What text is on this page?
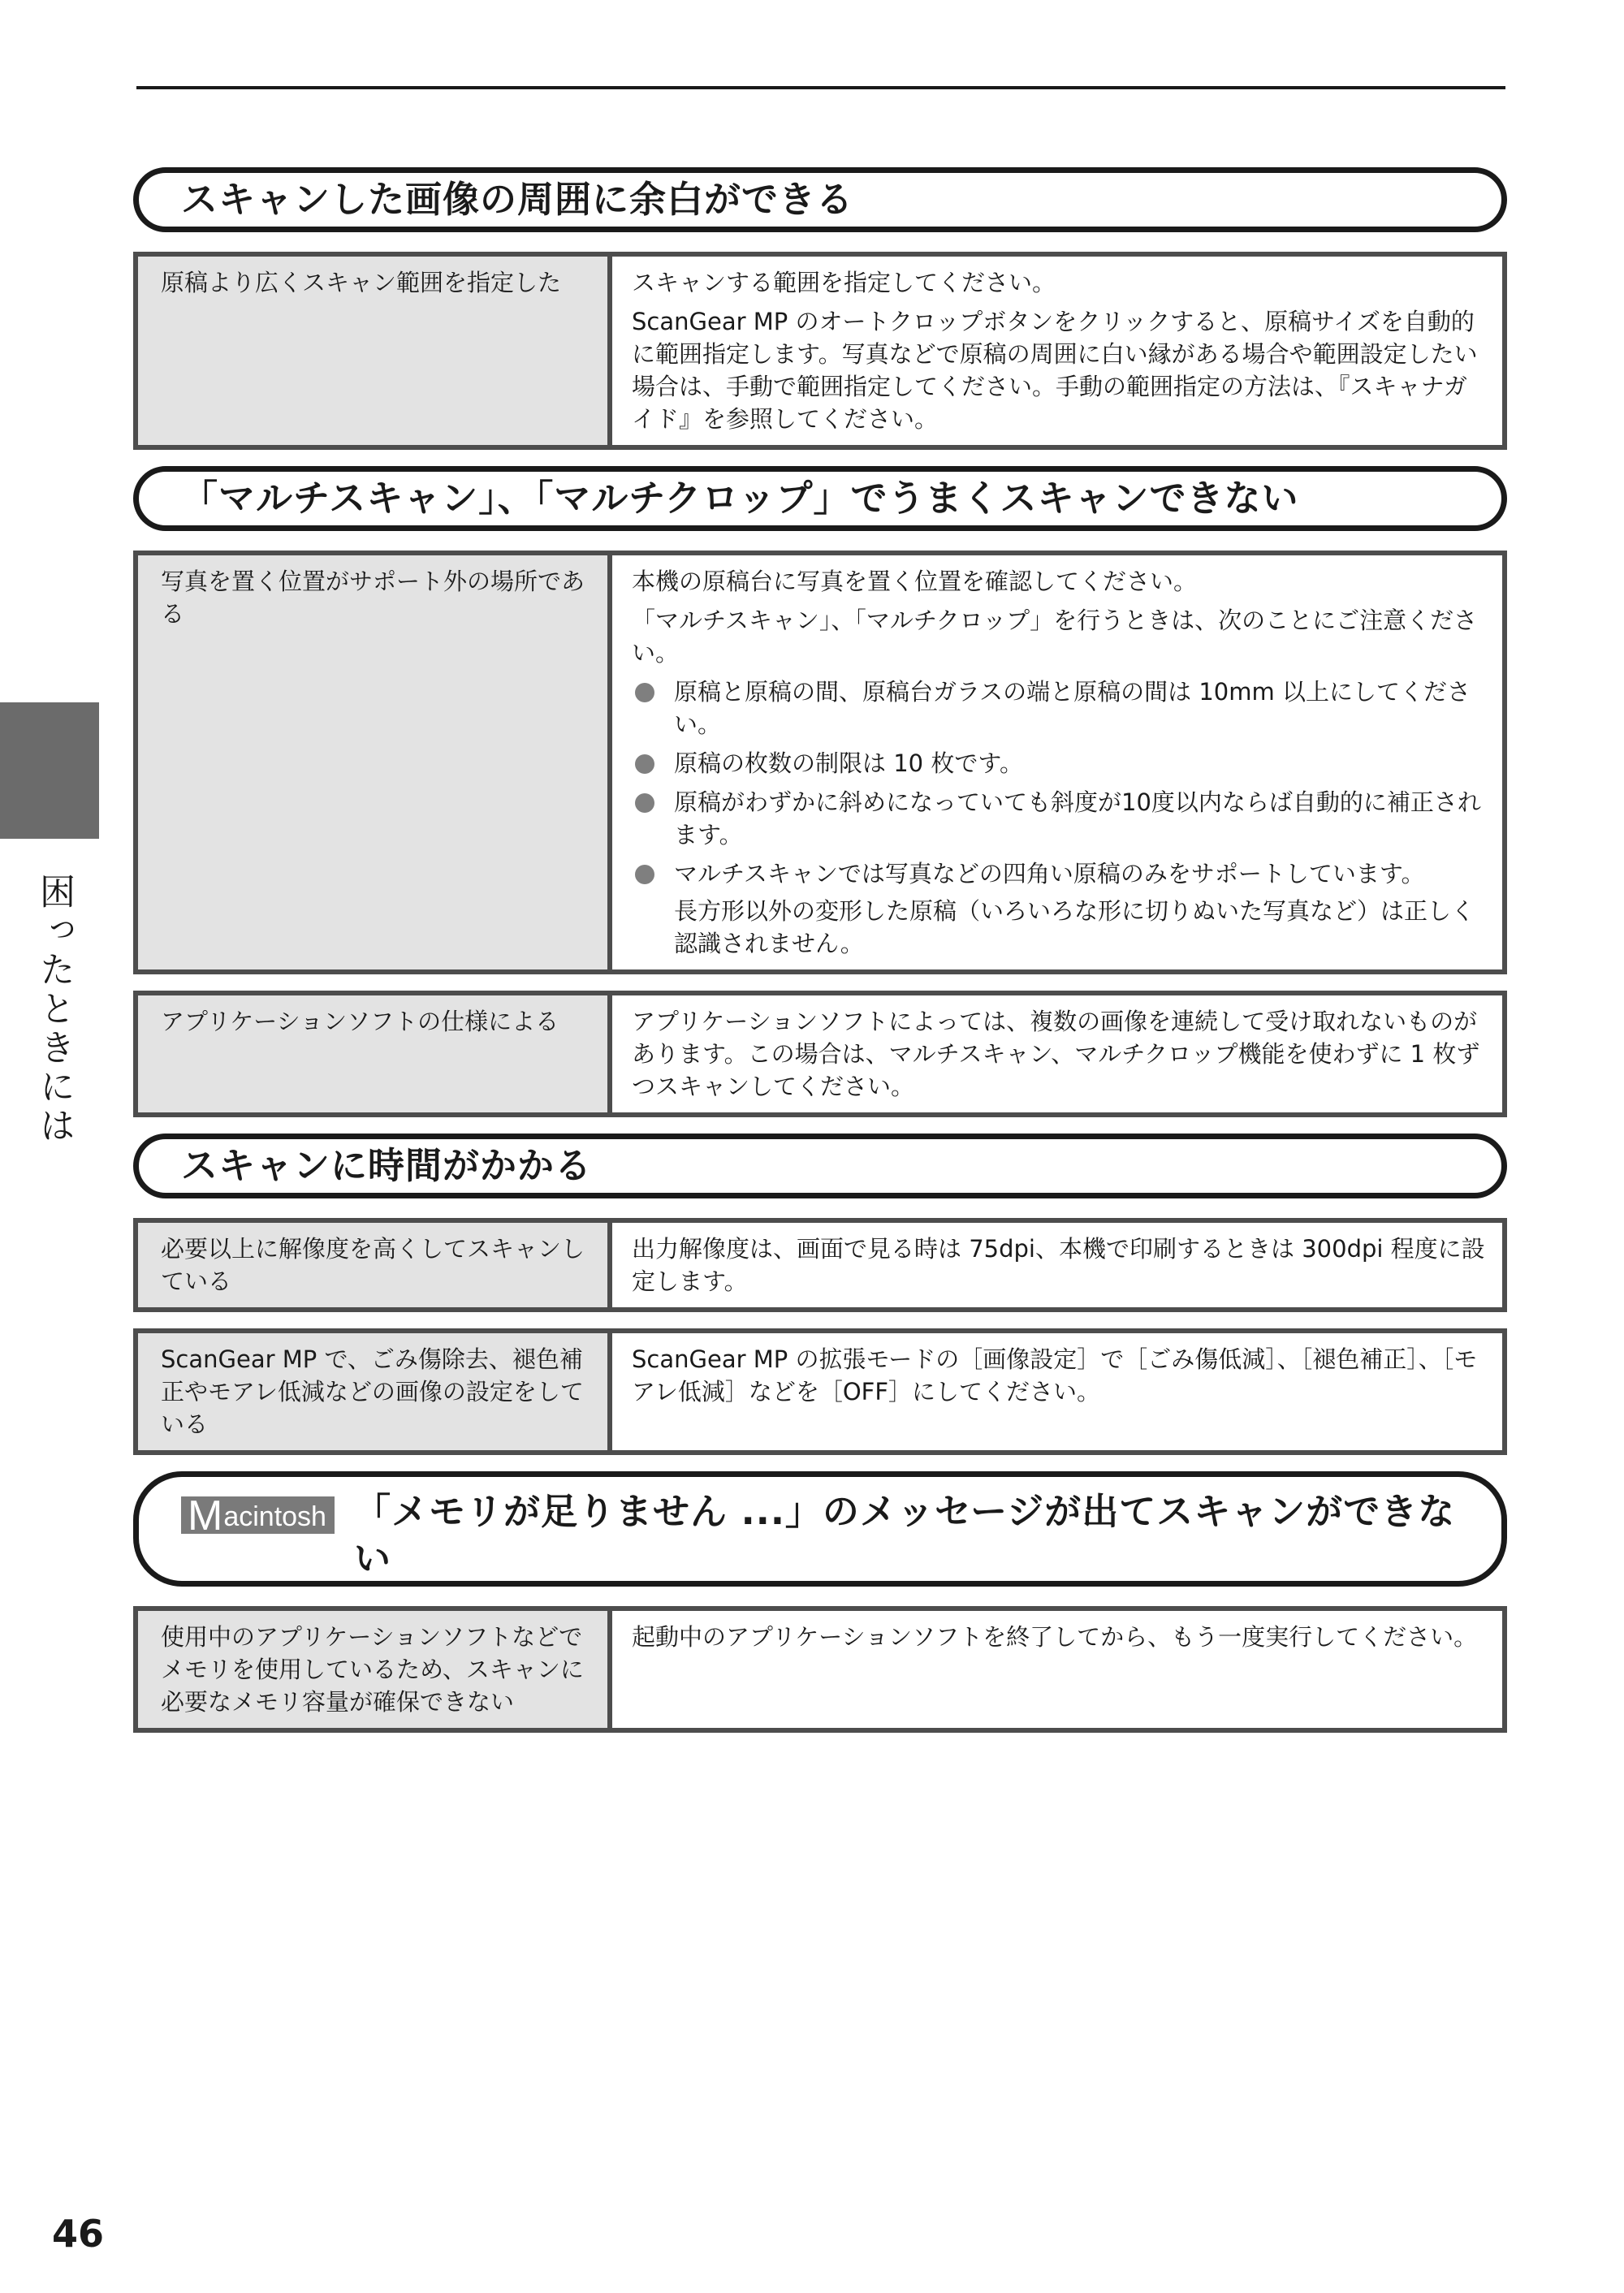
スキャンした画像の周囲に余白ができる
原稿より広くスキャン範囲を指定した	スキャンする範囲を指定してください。

ScanGear MP のオートクロップボタンをクリックすると、原稿サイズを自動的に範囲指定します。写真などで原稿の周囲に白い縁がある場合や範囲設定したい場合は、手動で範囲指定してください。手動の範囲指定の方法は、『スキャナガイド』を参照してください。

「マルチスキャン」、「マルチクロップ」でうまくスキャンできない
写真を置く位置がサポート外の場所である

本機の原稿台に写真を置く位置を確認してください。

「マルチスキャン」、「マルチクロップ」を行うときは、次のことにご注意ください。

原稿と原稿の間、原稿台ガラスの端と原稿の間は 10mm 以上にしてください。
原稿の枚数の制限は 10 枚です。
原稿がわずかに斜めになっていても斜度が10度以内ならば自動的に補正されます。
マルチスキャンでは写真などの四角い原稿のみをサポートしています。
長方形以外の変形した原稿（いろいろな形に切りぬいた写真など）は正しく認識されません。
アプリケーションソフトの仕様による	アプリケーションソフトによっては、複数の画像を連続して受け取れないものがあります。この場合は、マルチスキャン、マルチクロップ機能を使わずに 1 枚ずつスキャンしてください。

スキャンに時間がかかる
必要以上に解像度を高くしてスキャンしている

出力解像度は、画面で見る時は 75dpi、本機で印刷するときは 300dpi 程度に設定します。

ScanGear MP で、ごみ傷除去、褪色補正やモアレ低減などの画像の設定をしている

ScanGear MP の拡張モードの［画像設定］で［ごみ傷低減］、［褪色補正］、［モアレ低減］などを［OFF］にしてください。

M acintosh 「メモリが足りません ...」のメッセージが出てスキャンができない
使用中のアプリケーションソフトなどでメモリを使用しているため、スキャンに必要なメモリ容量が確保できない

起動中のアプリケーションソフトを終了してから、もう一度実行してください。

困ったときには
46
